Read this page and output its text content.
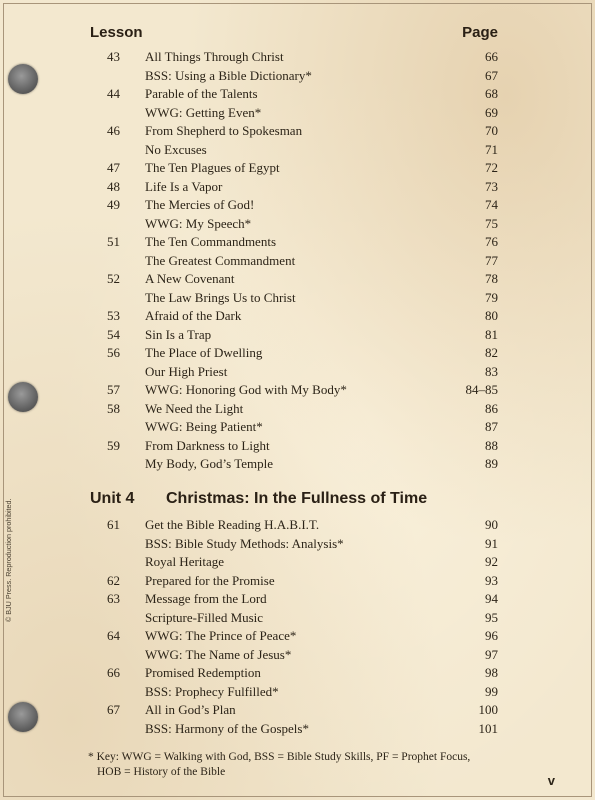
© BJU Press. Reproduction prohibited.
Lesson	Page
43	All Things Through Christ	66
BSS: Using a Bible Dictionary*	67
44	Parable of the Talents	68
WWG: Getting Even*	69
46	From Shepherd to Spokesman	70
No Excuses	71
47	The Ten Plagues of Egypt	72
48	Life Is a Vapor	73
49	The Mercies of God!	74
WWG: My Speech*	75
51	The Ten Commandments	76
The Greatest Commandment	77
52	A New Covenant	78
The Law Brings Us to Christ	79
53	Afraid of the Dark	80
54	Sin Is a Trap	81
56	The Place of Dwelling	82
Our High Priest	83
57	WWG: Honoring God with My Body*	84–85
58	We Need the Light	86
WWG: Being Patient*	87
59	From Darkness to Light	88
My Body, God’s Temple	89
Unit 4 Christmas: In the Fullness of Time
61	Get the Bible Reading H.A.B.I.T.	90
BSS: Bible Study Methods: Analysis*	91
Royal Heritage	92
62	Prepared for the Promise	93
63	Message from the Lord	94
Scripture-Filled Music	95
64	WWG: The Prince of Peace*	96
WWG: The Name of Jesus*	97
66	Promised Redemption	98
BSS: Prophecy Fulfilled*	99
67	All in God’s Plan	100
BSS: Harmony of the Gospels*	101
* Key: WWG = Walking with God, BSS = Bible Study Skills, PF = Prophet Focus,
HOB = History of the Bible
v
